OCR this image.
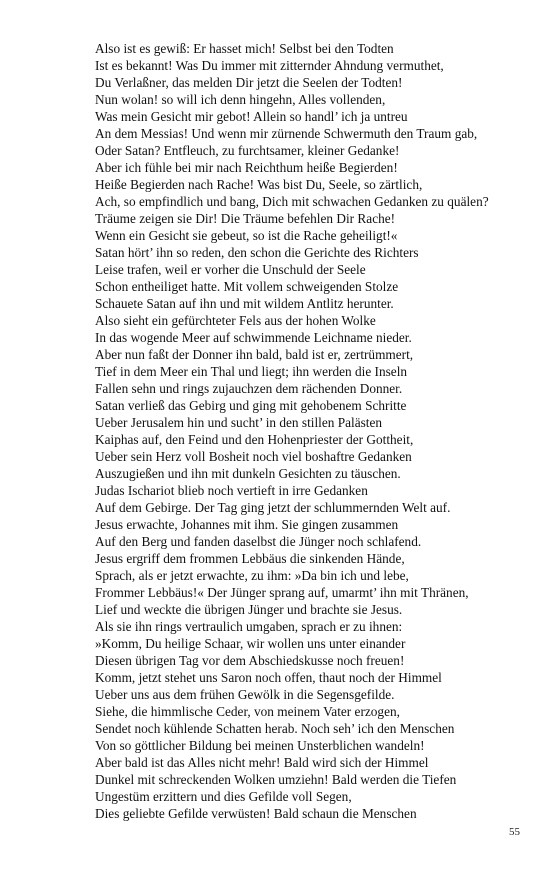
Also ist es gewiß: Er hasset mich! Selbst bei den Todten
Ist es bekannt! Was Du immer mit zitternder Ahndung vermuthet,
Du Verlaßner, das melden Dir jetzt die Seelen der Todten!
Nun wolan! so will ich denn hingehn, Alles vollenden,
Was mein Gesicht mir gebot! Allein so handl’ ich ja untreu
An dem Messias! Und wenn mir zürnende Schwermuth den Traum gab,
Oder Satan? Entfleuch, zu furchtsamer, kleiner Gedanke!
Aber ich fühle bei mir nach Reichthum heiße Begierden!
Heiße Begierden nach Rache! Was bist Du, Seele, so zärtlich,
Ach, so empfindlich und bang, Dich mit schwachen Gedanken zu quälen?
Träume zeigen sie Dir! Die Träume befehlen Dir Rache!
Wenn ein Gesicht sie gebeut, so ist die Rache geheiligt!«
Satan hört’ ihn so reden, den schon die Gerichte des Richters
Leise trafen, weil er vorher die Unschuld der Seele
Schon entheiliget hatte. Mit vollem schweigenden Stolze
Schauete Satan auf ihn und mit wildem Antlitz herunter.
Also sieht ein gefürchteter Fels aus der hohen Wolke
In das wogende Meer auf schwimmende Leichname nieder.
Aber nun faßt der Donner ihn bald, bald ist er, zertrümmert,
Tief in dem Meer ein Thal und liegt; ihn werden die Inseln
Fallen sehn und rings zujauchzen dem rächenden Donner.
Satan verließ das Gebirg und ging mit gehobenem Schritte
Ueber Jerusalem hin und sucht’ in den stillen Palästen
Kaiphas auf, den Feind und den Hohenpriester der Gottheit,
Ueber sein Herz voll Bosheit noch viel boshaftre Gedanken
Auszugießen und ihn mit dunkeln Gesichten zu täuschen.
Judas Ischariot blieb noch vertieft in irre Gedanken
Auf dem Gebirge. Der Tag ging jetzt der schlummernden Welt auf.
Jesus erwachte, Johannes mit ihm. Sie gingen zusammen
Auf den Berg und fanden daselbst die Jünger noch schlafend.
Jesus ergriff dem frommen Lebbäus die sinkenden Hände,
Sprach, als er jetzt erwachte, zu ihm: »Da bin ich und lebe,
Frommer Lebbäus!« Der Jünger sprang auf, umarmt’ ihn mit Thränen,
Lief und weckte die übrigen Jünger und brachte sie Jesus.
Als sie ihn rings vertraulich umgaben, sprach er zu ihnen:
»Komm, Du heilige Schaar, wir wollen uns unter einander
Diesen übrigen Tag vor dem Abschiedskusse noch freuen!
Komm, jetzt stehet uns Saron noch offen, thaut noch der Himmel
Ueber uns aus dem frühen Gewölk in die Segensgefilde.
Siehe, die himmlische Ceder, von meinem Vater erzogen,
Sendet noch kühlende Schatten herab. Noch seh’ ich den Menschen
Von so göttlicher Bildung bei meinen Unsterblichen wandeln!
Aber bald ist das Alles nicht mehr! Bald wird sich der Himmel
Dunkel mit schreckenden Wolken umziehn! Bald werden die Tiefen
Ungestüm erzittern und dies Gefilde voll Segen,
Dies geliebte Gefilde verwüsten! Bald schaun die Menschen
55
